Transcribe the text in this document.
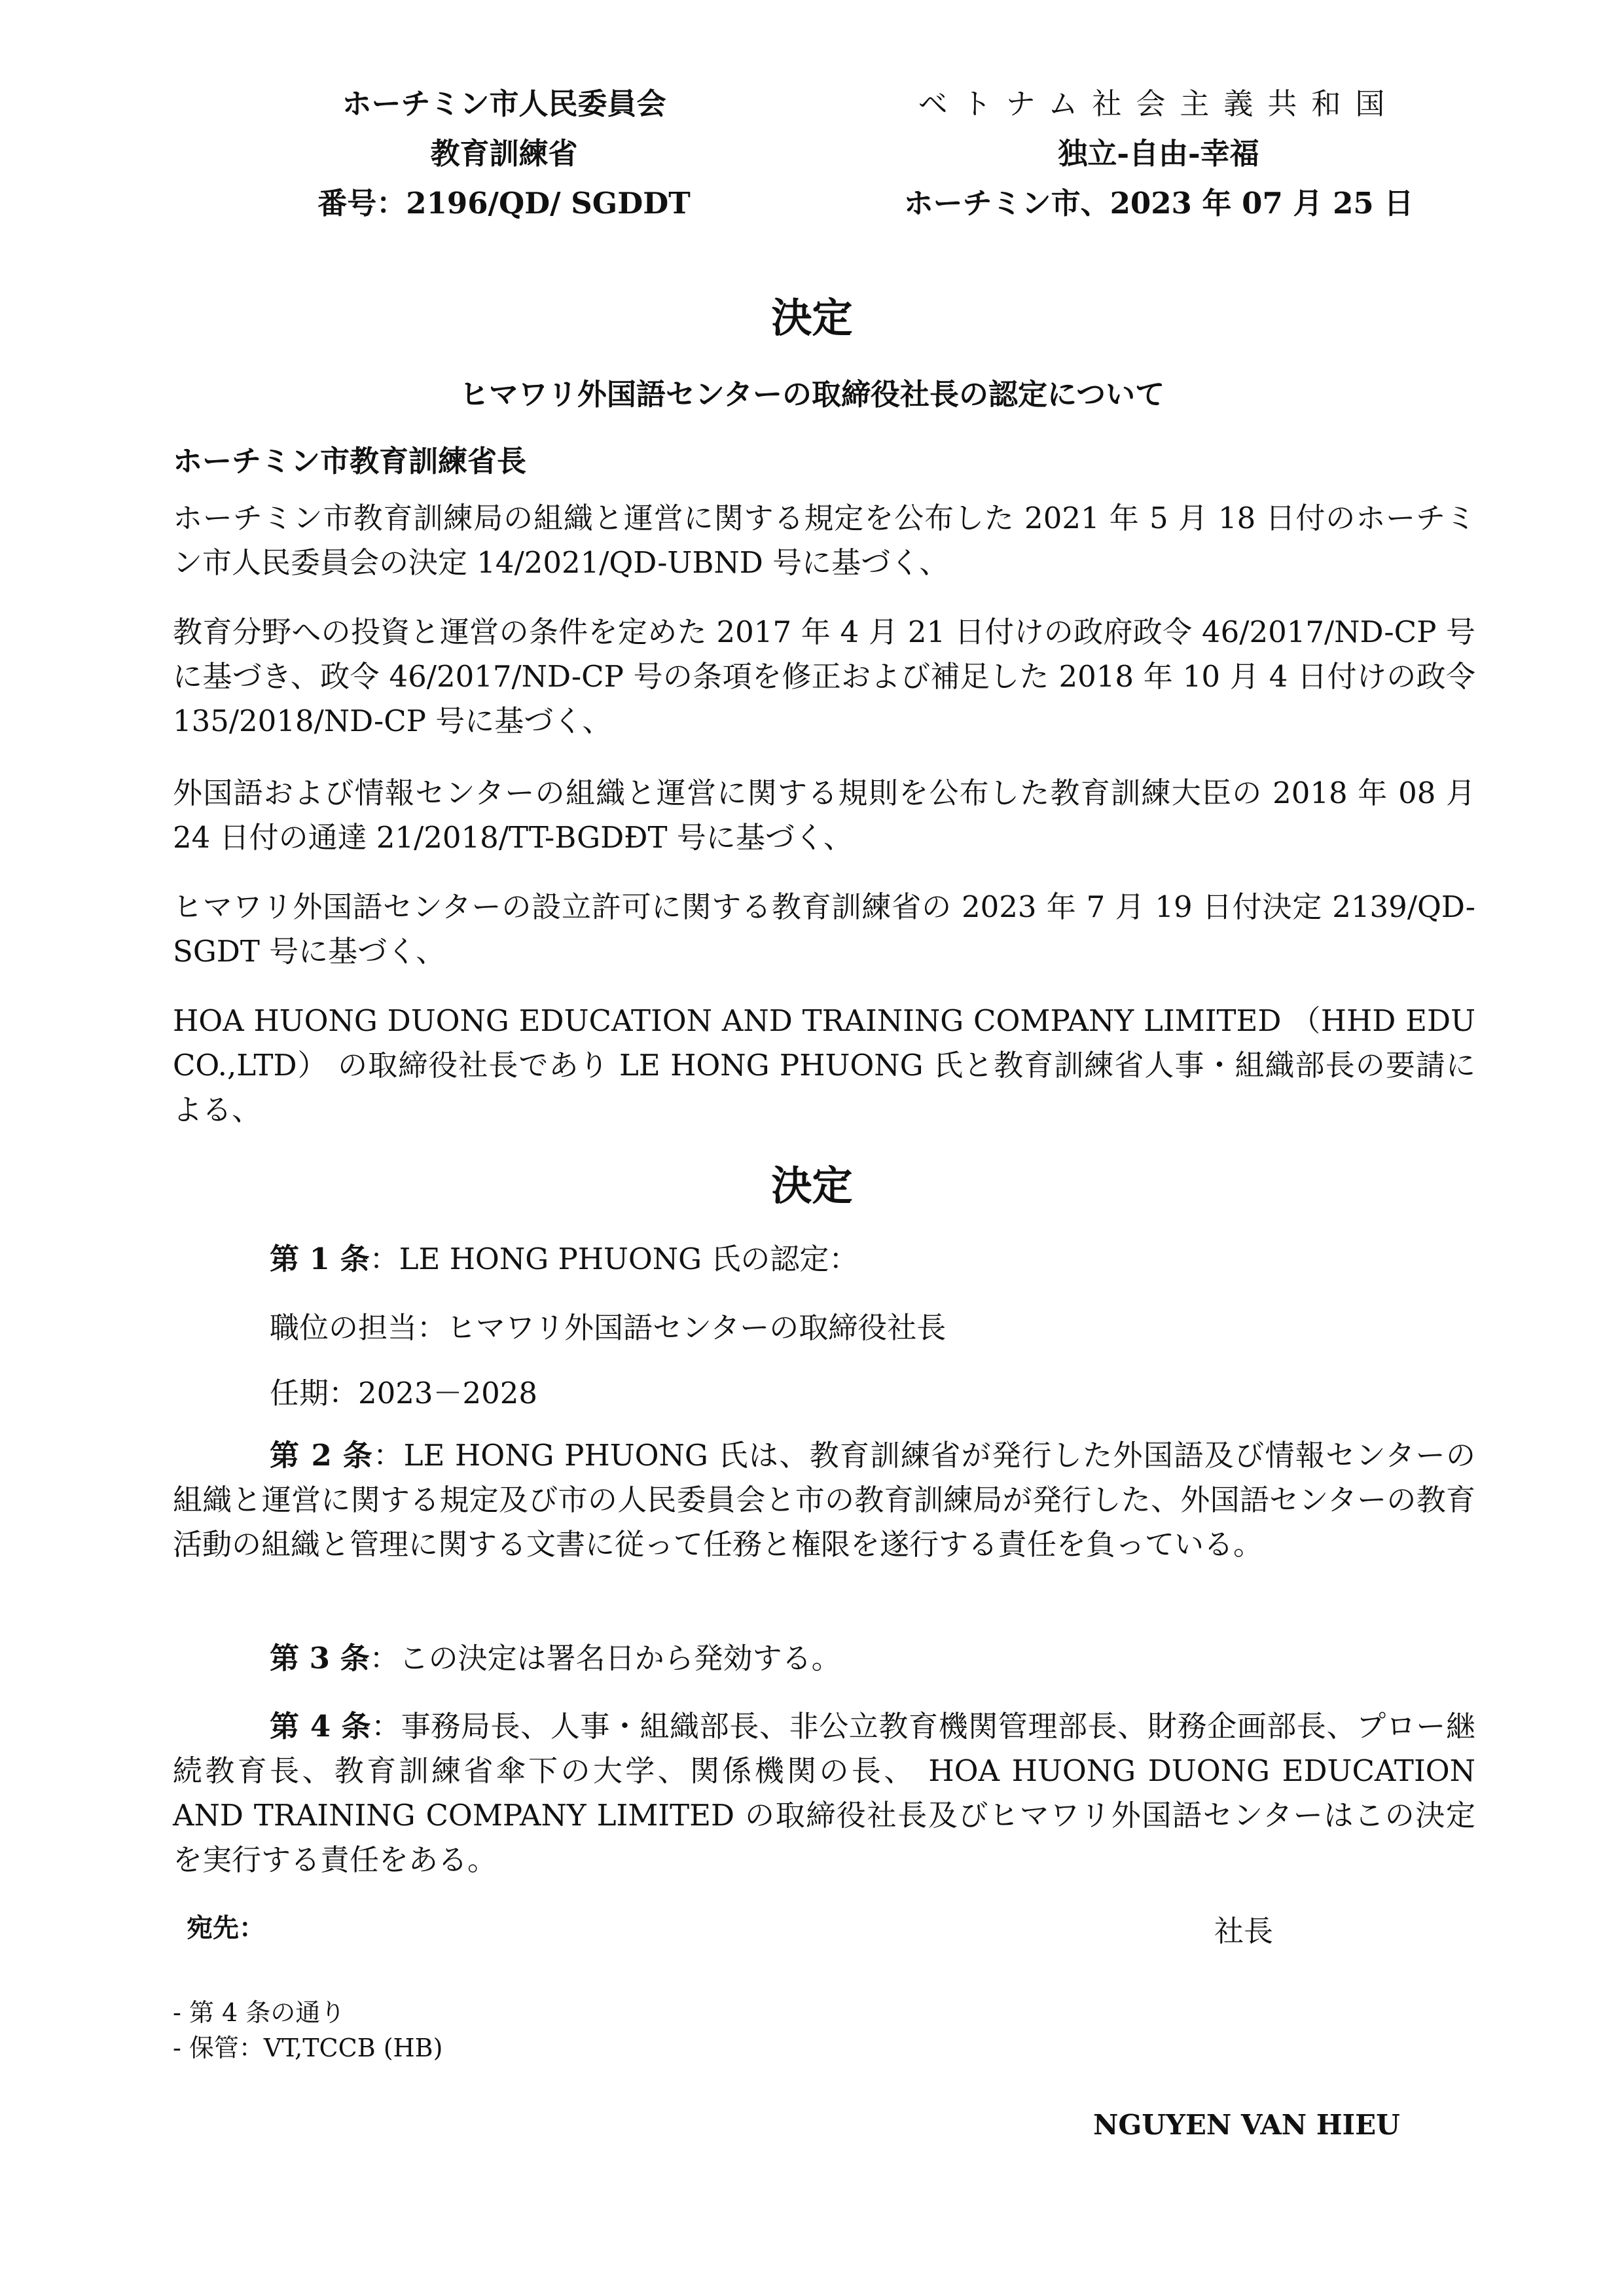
ホーチミン市人民委員会
教育訓練省
番号：2196/QD/ SGDDT
ベトナム社会主義共和国
独立-自由-幸福
ホーチミン市、2023 年 07 月 25 日
決定
ヒマワリ外国語センターの取締役社長の認定について
ホーチミン市教育訓練省長
ホーチミン市教育訓練局の組織と運営に関する規定を公布した 2021 年 5 月 18 日付のホーチミン市人民委員会の決定 14/2021/QD-UBND 号に基づく、
教育分野への投資と運営の条件を定めた 2017 年 4 月 21 日付けの政府政令 46/2017/ND-CP 号に基づき、政令 46/2017/ND-CP 号の条項を修正および補足した 2018 年 10 月 4 日付けの政令 135/2018/ND-CP 号に基づく、
外国語および情報センターの組織と運営に関する規則を公布した教育訓練大臣の 2018 年 08 月 24 日付の通達 21/2018/TT-BGDĐT 号に基づく、
ヒマワリ外国語センターの設立許可に関する教育訓練省の 2023 年 7 月 19 日付決定 2139/QD-SGDT 号に基づく、
HOA HUONG DUONG EDUCATION AND TRAINING COMPANY LIMITED （HHD EDU CO.,LTD） の取締役社長であり LE HONG PHUONG 氏と教育訓練省人事・組織部長の要請による、
決定
第 1 条：LE HONG PHUONG 氏の認定：
職位の担当：ヒマワリ外国語センターの取締役社長
任期：2023－2028
第 2 条：LE HONG PHUONG 氏は、教育訓練省が発行した外国語及び情報センターの組織と運営に関する規定及び市の人民委員会と市の教育訓練局が発行した、外国語センターの教育活動の組織と管理に関する文書に従って任務と権限を遂行する責任を負っている。
第 3 条：この決定は署名日から発効する。
第 4 条：事務局長、人事・組織部長、非公立教育機関管理部長、財務企画部長、プロー継続教育長、教育訓練省傘下の大学、関係機関の長、 HOA HUONG DUONG EDUCATION AND TRAINING COMPANY LIMITED の取締役社長及びヒマワリ外国語センターはこの決定を実行する責任をある。
宛先：	社長
- 第 4 条の通り
- 保管：VT,TCCB (HB)
NGUYEN VAN HIEU
